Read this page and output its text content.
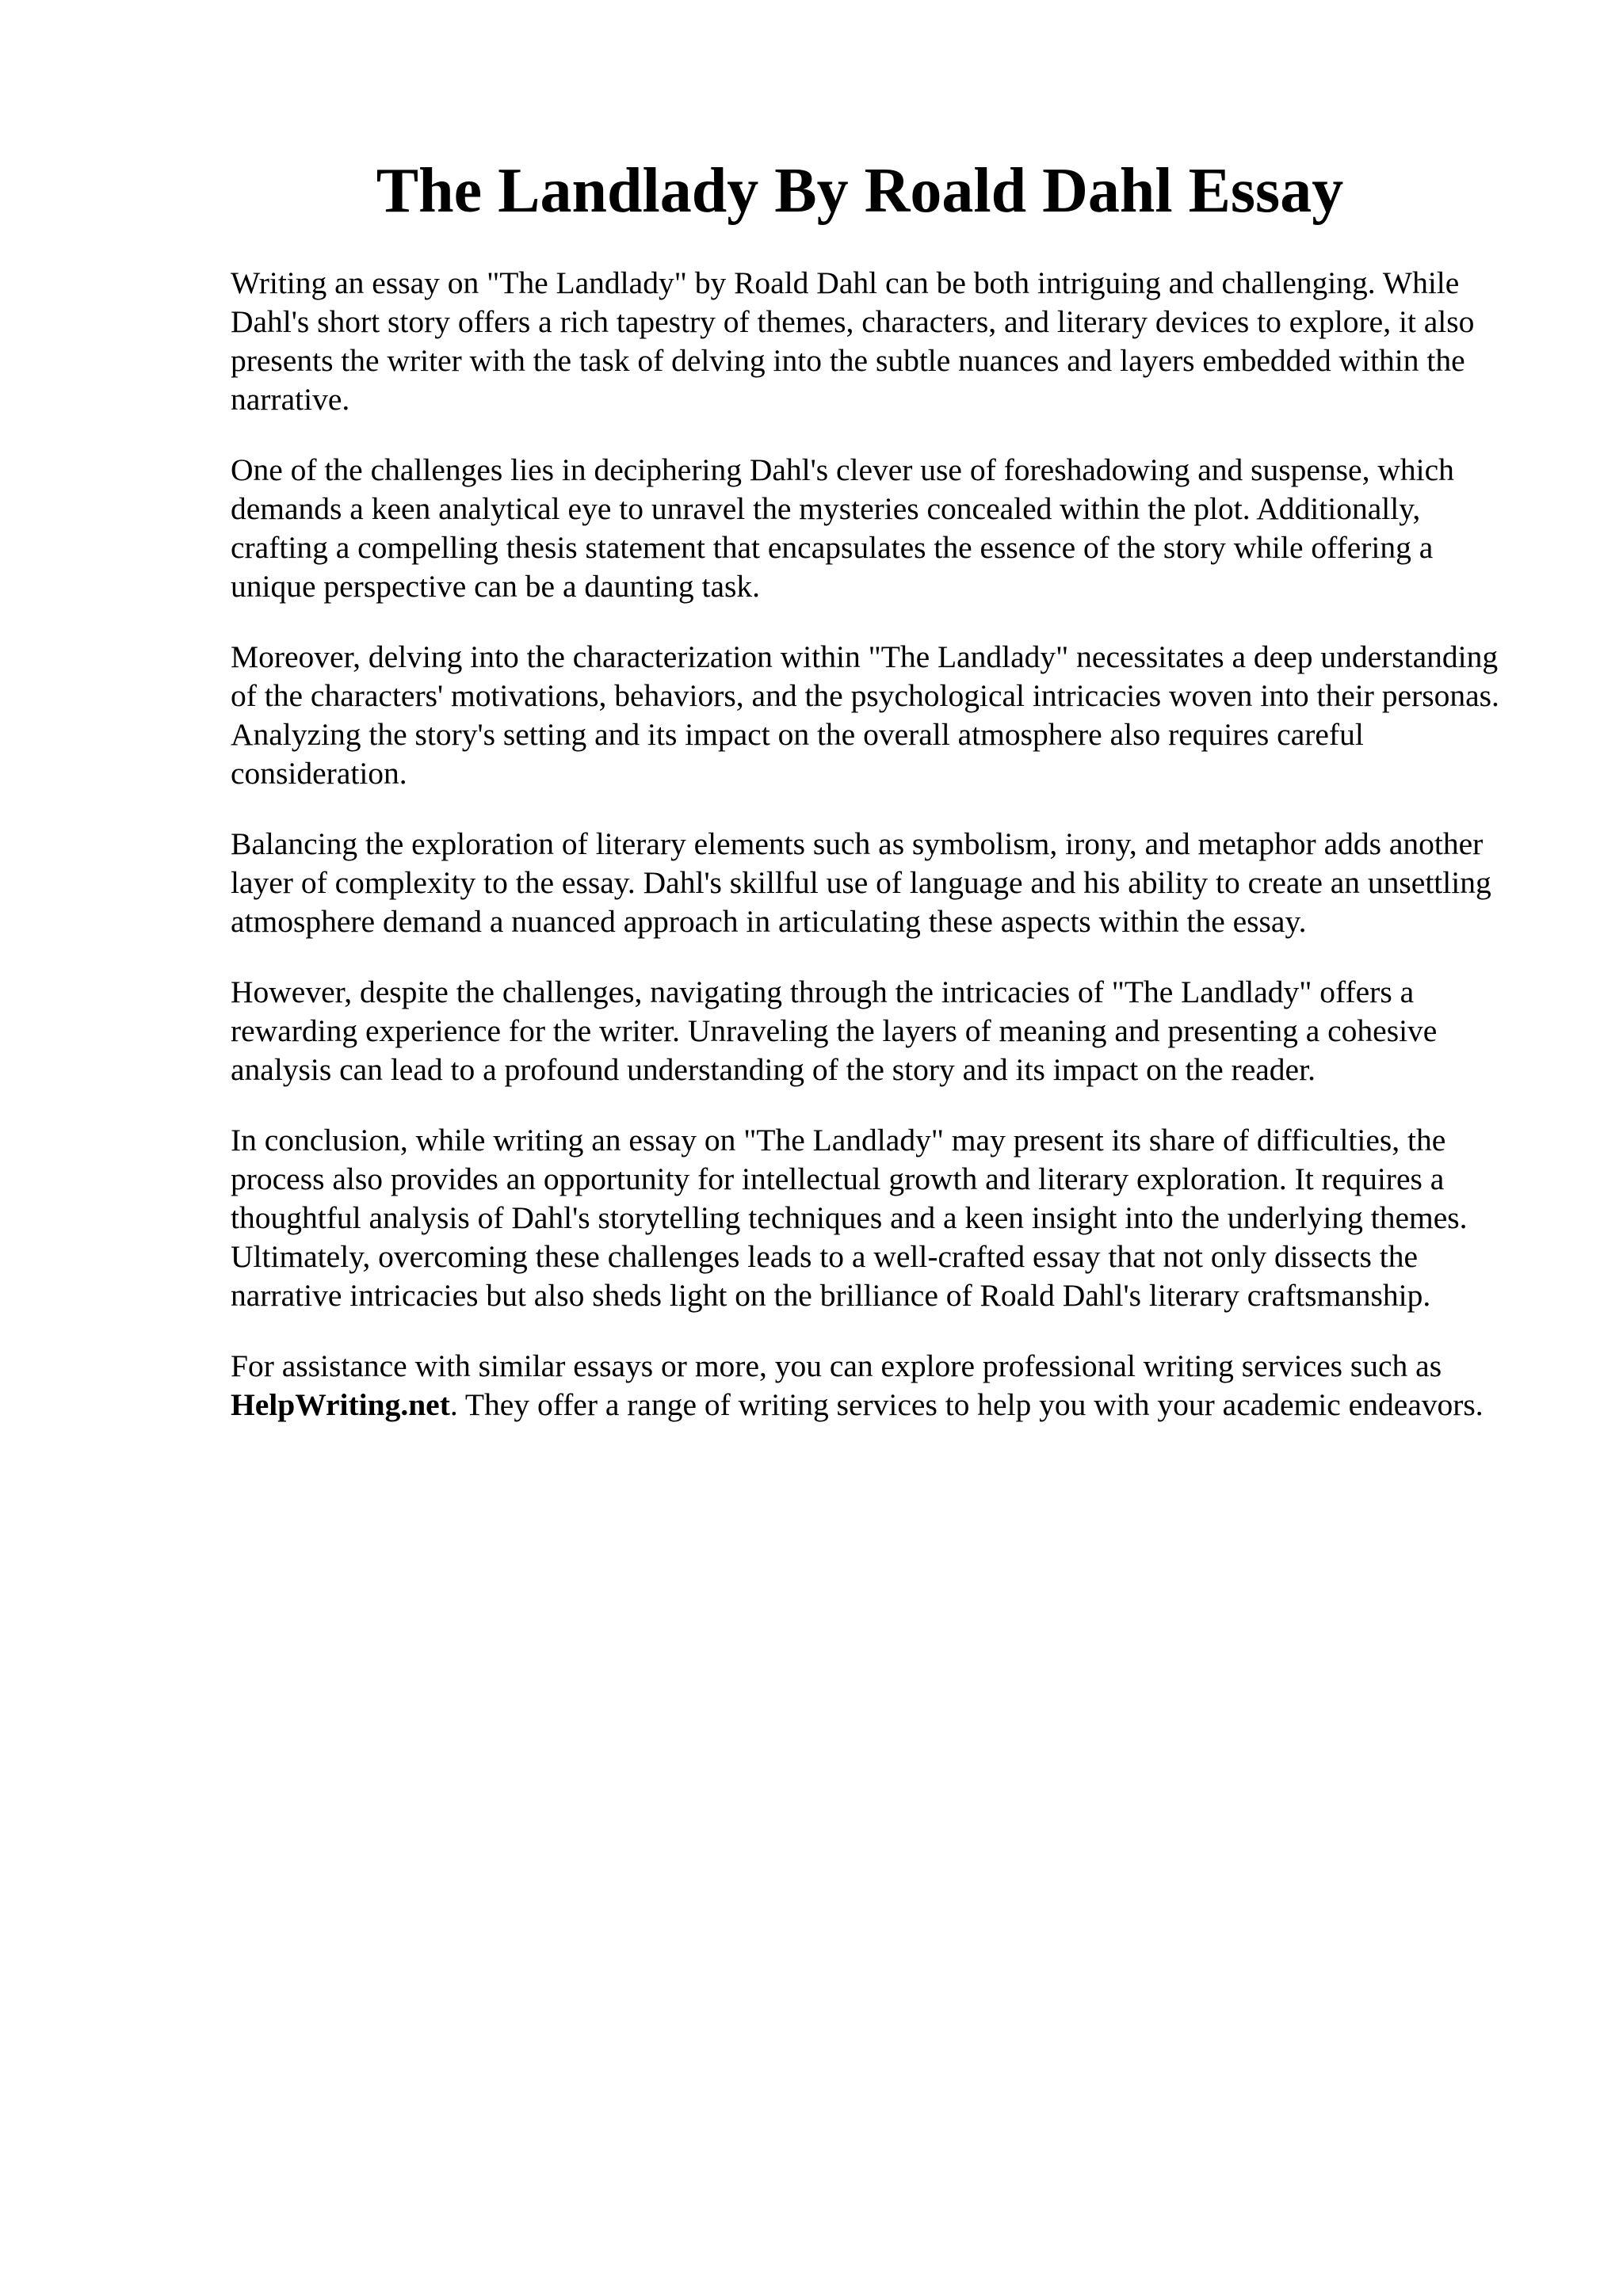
The Landlady By Roald Dahl Essay

Writing an essay on "The Landlady" by Roald Dahl can be both intriguing and challenging. While Dahl's short story offers a rich tapestry of themes, characters, and literary devices to explore, it also presents the writer with the task of delving into the subtle nuances and layers embedded within the narrative.

One of the challenges lies in deciphering Dahl's clever use of foreshadowing and suspense, which demands a keen analytical eye to unravel the mysteries concealed within the plot. Additionally, crafting a compelling thesis statement that encapsulates the essence of the story while offering a unique perspective can be a daunting task.

Moreover, delving into the characterization within "The Landlady" necessitates a deep understanding of the characters' motivations, behaviors, and the psychological intricacies woven into their personas. Analyzing the story's setting and its impact on the overall atmosphere also requires careful consideration.

Balancing the exploration of literary elements such as symbolism, irony, and metaphor adds another layer of complexity to the essay. Dahl's skillful use of language and his ability to create an unsettling atmosphere demand a nuanced approach in articulating these aspects within the essay.

However, despite the challenges, navigating through the intricacies of "The Landlady" offers a rewarding experience for the writer. Unraveling the layers of meaning and presenting a cohesive analysis can lead to a profound understanding of the story and its impact on the reader.

In conclusion, while writing an essay on "The Landlady" may present its share of difficulties, the process also provides an opportunity for intellectual growth and literary exploration. It requires a thoughtful analysis of Dahl's storytelling techniques and a keen insight into the underlying themes. Ultimately, overcoming these challenges leads to a well-crafted essay that not only dissects the narrative intricacies but also sheds light on the brilliance of Roald Dahl's literary craftsmanship.

For assistance with similar essays or more, you can explore professional writing services such as HelpWriting.net. They offer a range of writing services to help you with your academic endeavors.
